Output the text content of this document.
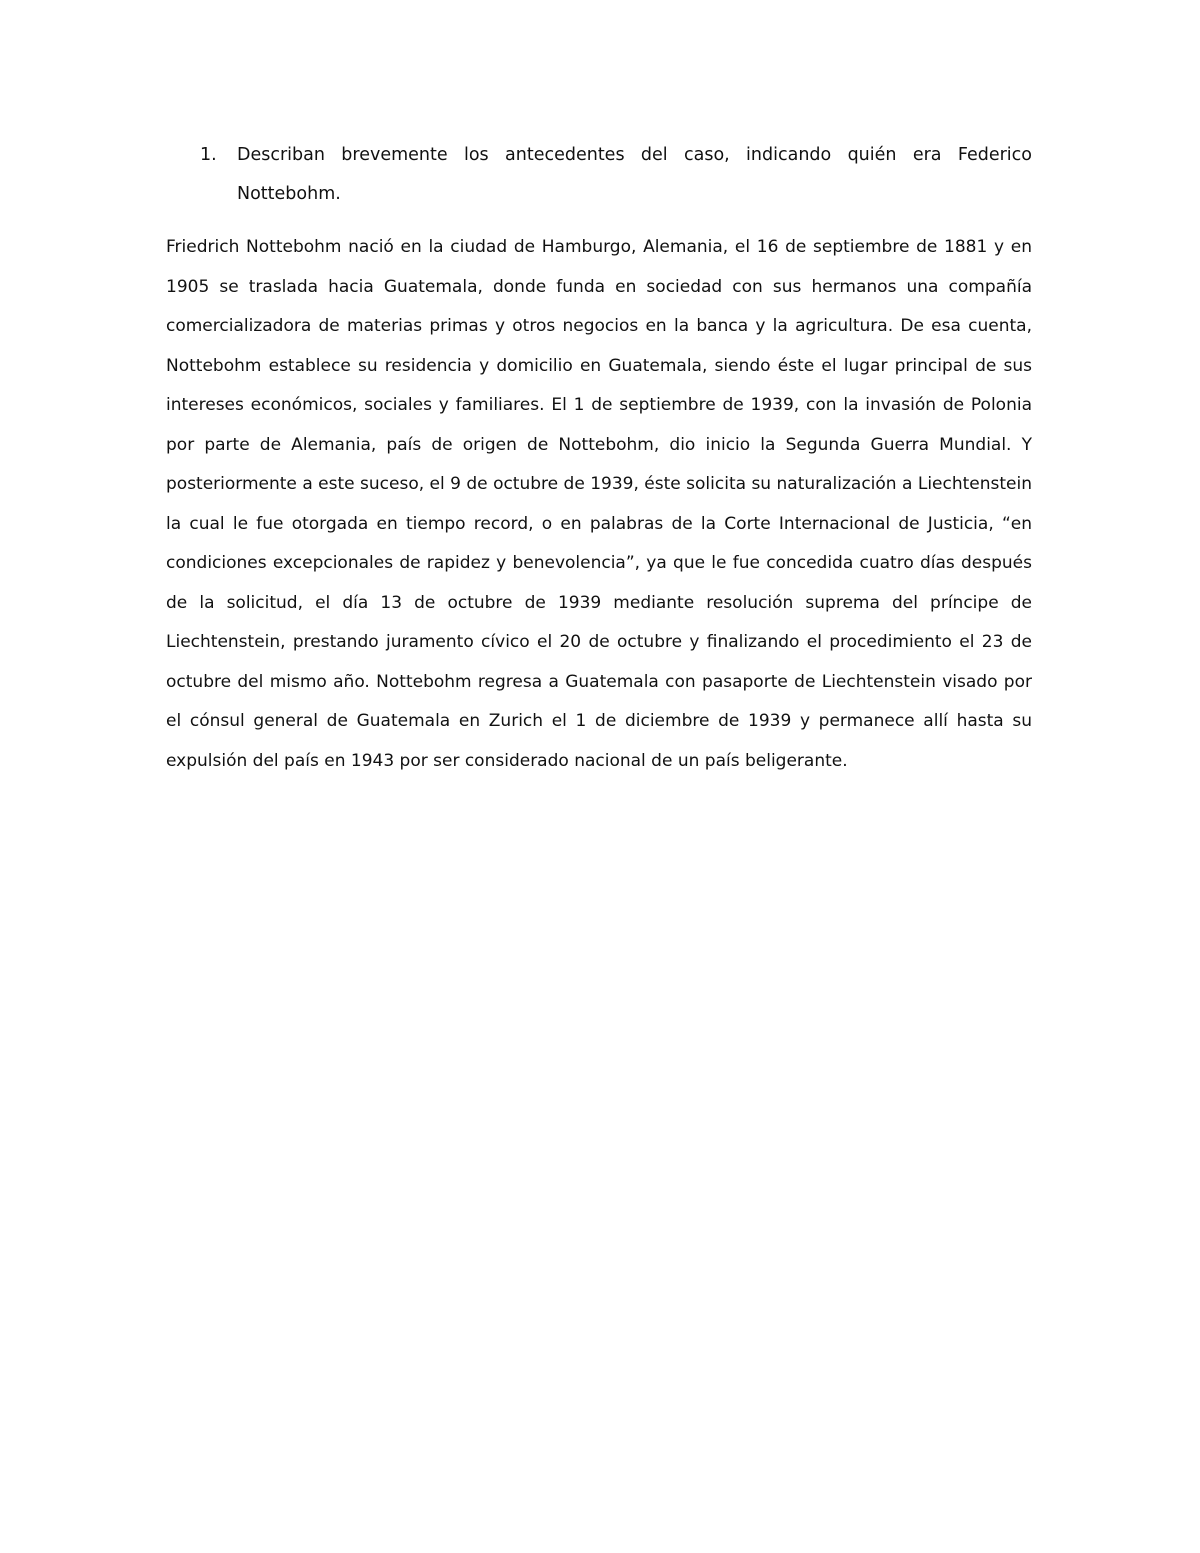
1.	Describan brevemente los antecedentes del caso, indicando quién era Federico Nottebohm.

Friedrich Nottebohm nació en la ciudad de Hamburgo, Alemania, el 16 de septiembre de 1881 y en 1905 se traslada hacia Guatemala, donde funda en sociedad con sus hermanos una compañía comercializadora de materias primas y otros negocios en la banca y la agricultura. De esa cuenta, Nottebohm establece su residencia y domicilio en Guatemala, siendo éste el lugar principal de sus intereses económicos, sociales y familiares. El 1 de septiembre de 1939, con la invasión de Polonia por parte de Alemania, país de origen de Nottebohm, dio inicio la Segunda Guerra Mundial. Y posteriormente a este suceso, el 9 de octubre de 1939, éste solicita su naturalización a Liechtenstein la cual le fue otorgada en tiempo record, o en palabras de la Corte Internacional de Justicia, “en condiciones excepcionales de rapidez y benevolencia”, ya que le fue concedida cuatro días después de la solicitud, el día 13 de octubre de 1939 mediante resolución suprema del príncipe de Liechtenstein, prestando juramento cívico el 20 de octubre y finalizando el procedimiento el 23 de octubre del mismo año. Nottebohm regresa a Guatemala con pasaporte de Liechtenstein visado por el cónsul general de Guatemala en Zurich el 1 de diciembre de 1939 y permanece allí hasta su expulsión del país en 1943 por ser considerado nacional de un país beligerante.
